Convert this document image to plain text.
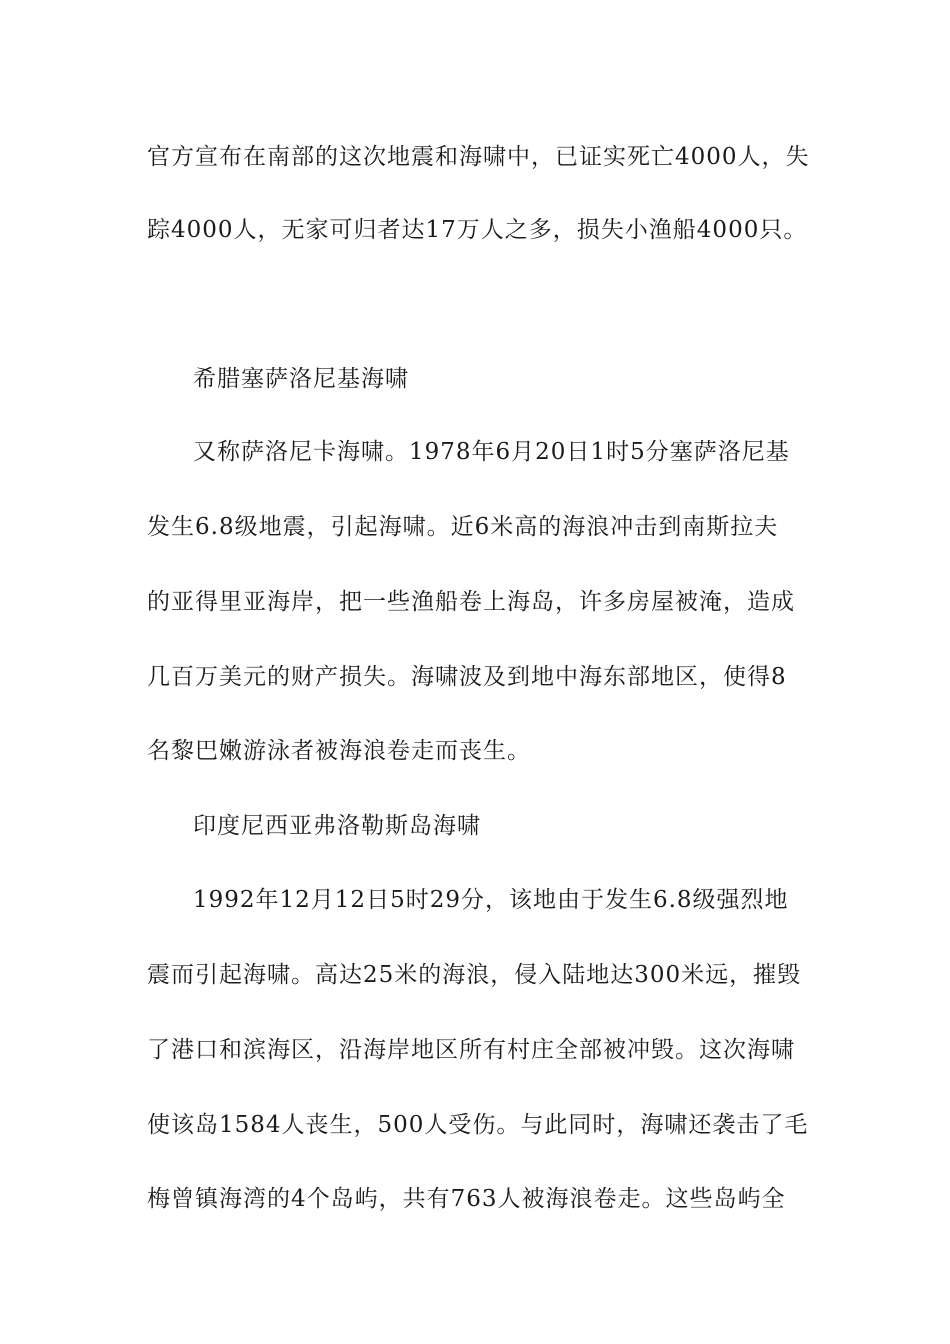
官方宣布在南部的这次地震和海啸中，已证实死亡4000人，失
踪4000人，无家可归者达17万人之多，损失小渔船4000只。
希腊塞萨洛尼基海啸
又称萨洛尼卡海啸。1978年6月20日1时5分塞萨洛尼基
发生6.8级地震，引起海啸。近6米高的海浪冲击到南斯拉夫
的亚得里亚海岸，把一些渔船卷上海岛，许多房屋被淹，造成
几百万美元的财产损失。海啸波及到地中海东部地区，使得8
名黎巴嫩游泳者被海浪卷走而丧生。
印度尼西亚弗洛勒斯岛海啸
1992年12月12日5时29分，该地由于发生6.8级强烈地
震而引起海啸。高达25米的海浪，侵入陆地达300米远，摧毁
了港口和滨海区，沿海岸地区所有村庄全部被冲毁。这次海啸
使该岛1584人丧生，500人受伤。与此同时，海啸还袭击了毛
梅曾镇海湾的4个岛屿，共有763人被海浪卷走。这些岛屿全
